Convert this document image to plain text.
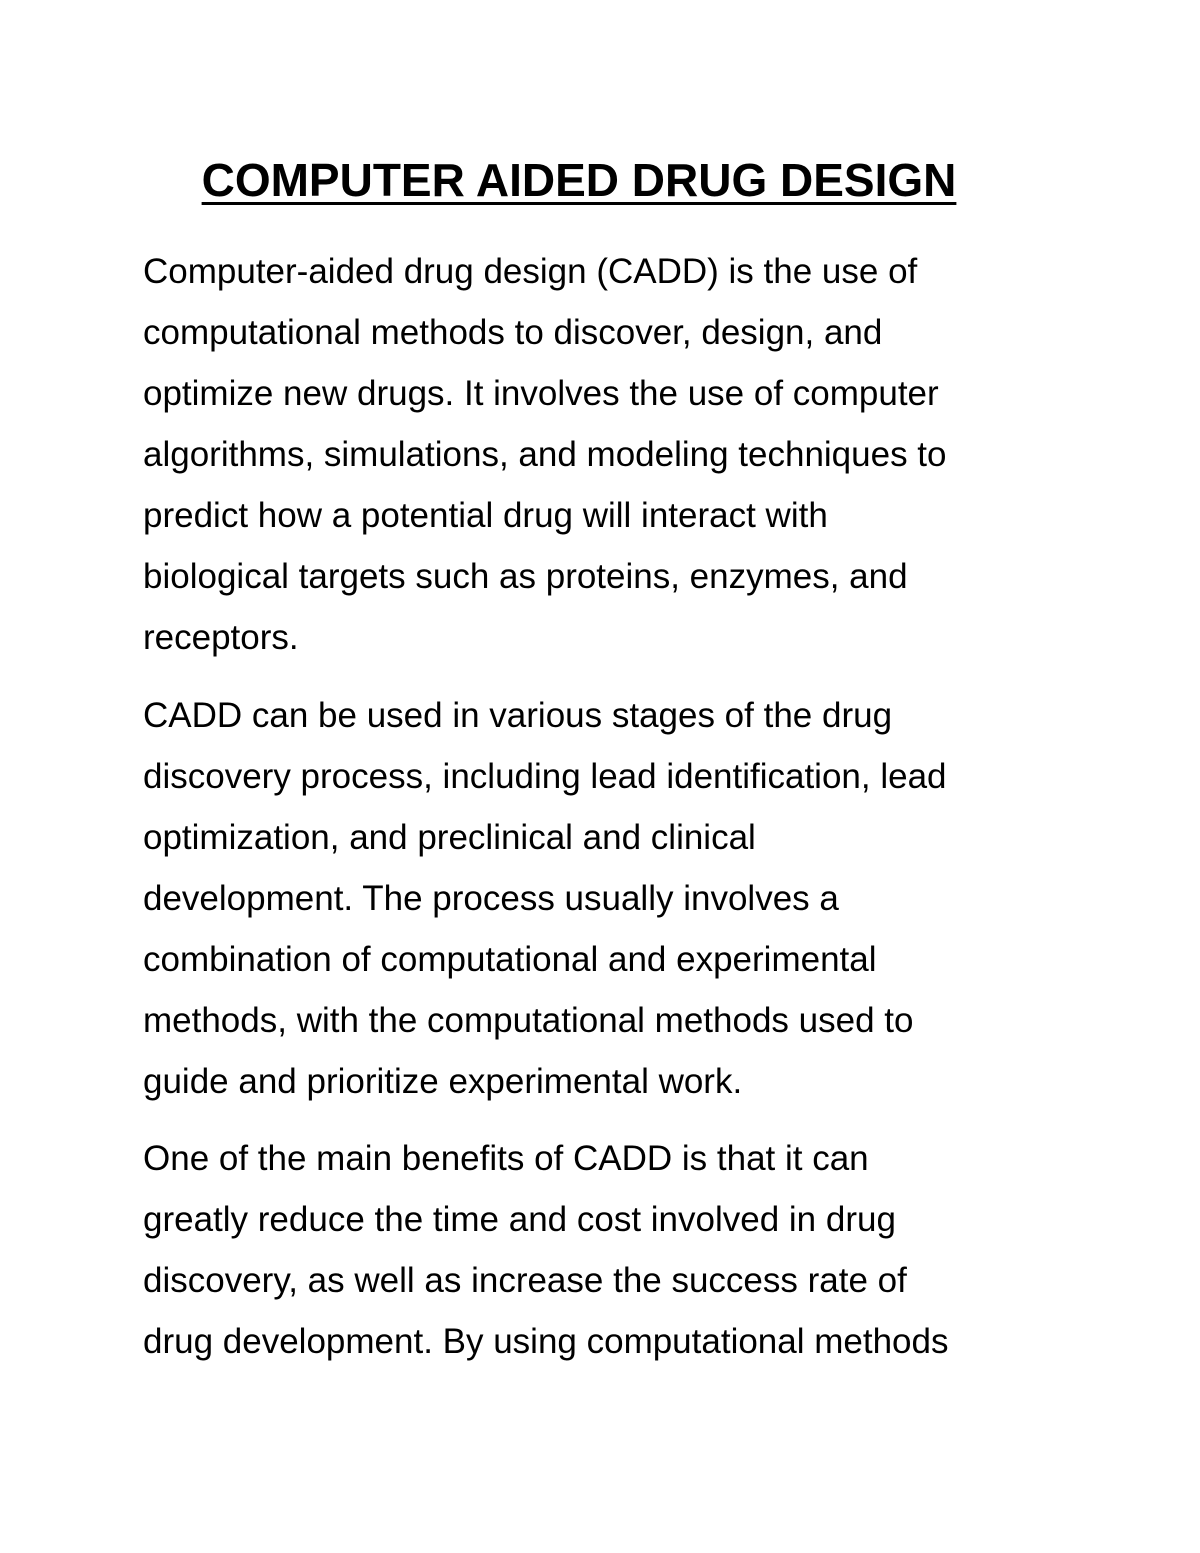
COMPUTER AIDED DRUG DESIGN

Computer-aided drug design (CADD) is the use of
computational methods to discover, design, and
optimize new drugs. It involves the use of computer
algorithms, simulations, and modeling techniques to
predict how a potential drug will interact with
biological targets such as proteins, enzymes, and
receptors.

CADD can be used in various stages of the drug
discovery process, including lead identification, lead
optimization, and preclinical and clinical
development. The process usually involves a
combination of computational and experimental
methods, with the computational methods used to
guide and prioritize experimental work.

One of the main benefits of CADD is that it can
greatly reduce the time and cost involved in drug
discovery, as well as increase the success rate of
drug development. By using computational methods
